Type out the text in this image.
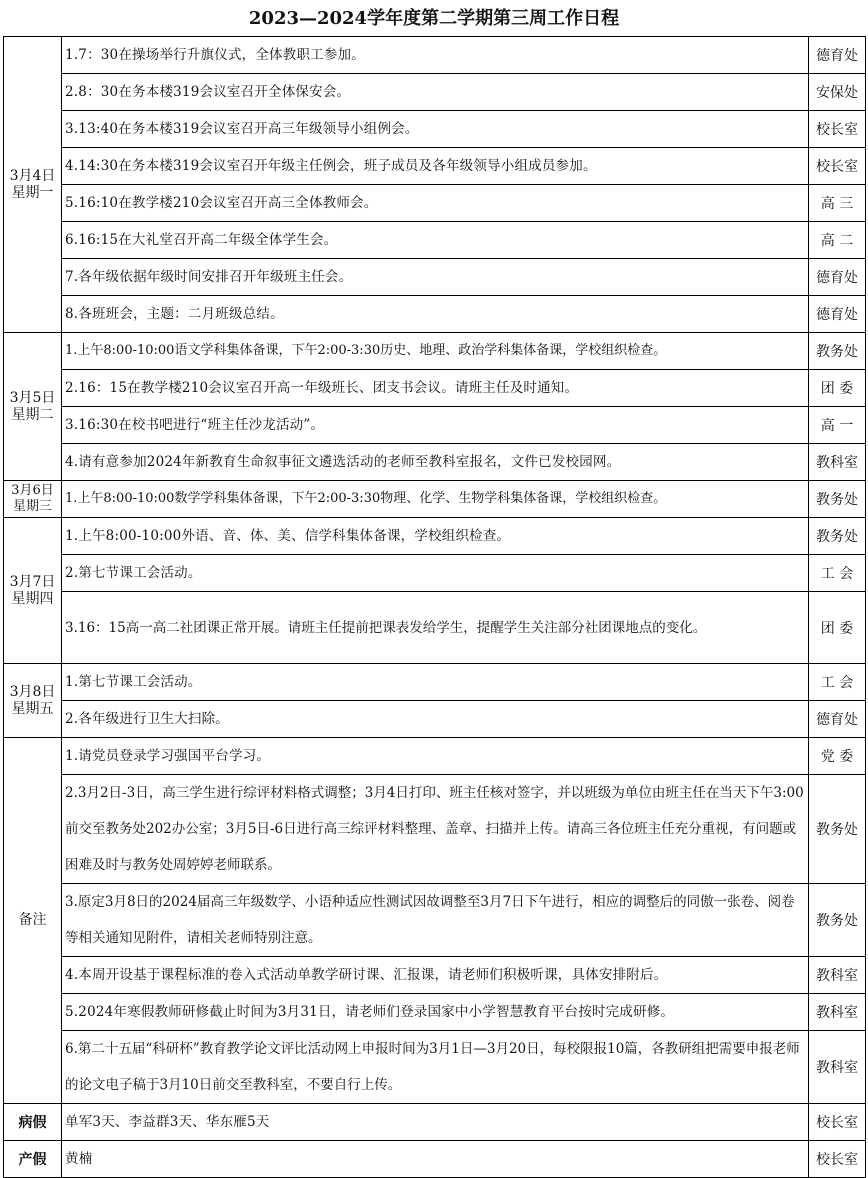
2023—2024学年度第二学期第三周工作日程
3月4日
星期一	1.7：30在操场举行升旗仪式，全体教职工参加。	德育处
	2.8：30在务本楼319会议室召开全体保安会。	安保处
	3.13:40在务本楼319会议室召开高三年级领导小组例会。	校长室
	4.14:30在务本楼319会议室召开年级主任例会，班子成员及各年级领导小组成员参加。	校长室
	5.16:10在教学楼210会议室召开高三全体教师会。	高 三
	6.16:15在大礼堂召开高二年级全体学生会。	高 二
	7.各年级依据年级时间安排召开年级班主任会。	德育处
	8.各班班会，主题：二月班级总结。	德育处

3月5日
星期二	1.上午8:00-10:00语文学科集体备课，下午2:00-3:30历史、地理、政治学科集体备课，学校组织检查。	教务处
	2.16：15在教学楼210会议室召开高一年级班长、团支书会议。请班主任及时通知。	团 委
	3.16:30在校书吧进行“班主任沙龙活动”。	高 一
	4.请有意参加2024年新教育生命叙事征文遴选活动的老师至教科室报名，文件已发校园网。	教科室

3月6日
星期三	1.上午8:00-10:00数学学科集体备课，下午2:00-3:30物理、化学、生物学科集体备课，学校组织检查。	教务处

3月7日
星期四	1.上午8:00-10:00外语、音、体、美、信学科集体备课，学校组织检查。	教务处
	2.第七节课工会活动。	工 会
	3.16：15高一高二社团课正常开展。请班主任提前把课表发给学生，提醒学生关注部分社团课地点的变化。	团 委

3月8日
星期五	1.第七节课工会活动。	工 会
	2.各年级进行卫生大扫除。	德育处
备注	1.请党员登录学习强国平台学习。	党 委
	2.3月2日-3日，高三学生进行综评材料格式调整；3月4日打印、班主任核对签字，并以班级为单位由班主任在当天下午3:00前交至教务处202办公室；3月5日-6日进行高三综评材料整理、盖章、扫描并上传。请高三各位班主任充分重视，有问题或困难及时与教务处周婷婷老师联系。	教务处
	3.原定3月8日的2024届高三年级数学、小语种适应性测试因故调整至3月7日下午进行，相应的调整后的同傲一张卷、阅卷等相关通知见附件，请相关老师特别注意。	教务处
	4.本周开设基于课程标准的卷入式活动单教学研讨课、汇报课，请老师们积极听课，具体安排附后。	教科室
	5.2024年寒假教师研修截止时间为3月31日，请老师们登录国家中小学智慧教育平台按时完成研修。	教科室
	6.第二十五届“科研杯”教育教学论文评比活动网上申报时间为3月1日—3月20日，每校限报10篇，各教研组把需要申报老师的论文电子稿于3月10日前交至教科室，不要自行上传。	教科室
病假	单军3天、李益群3天、华东雁5天	校长室
产假	黄楠	校长室
